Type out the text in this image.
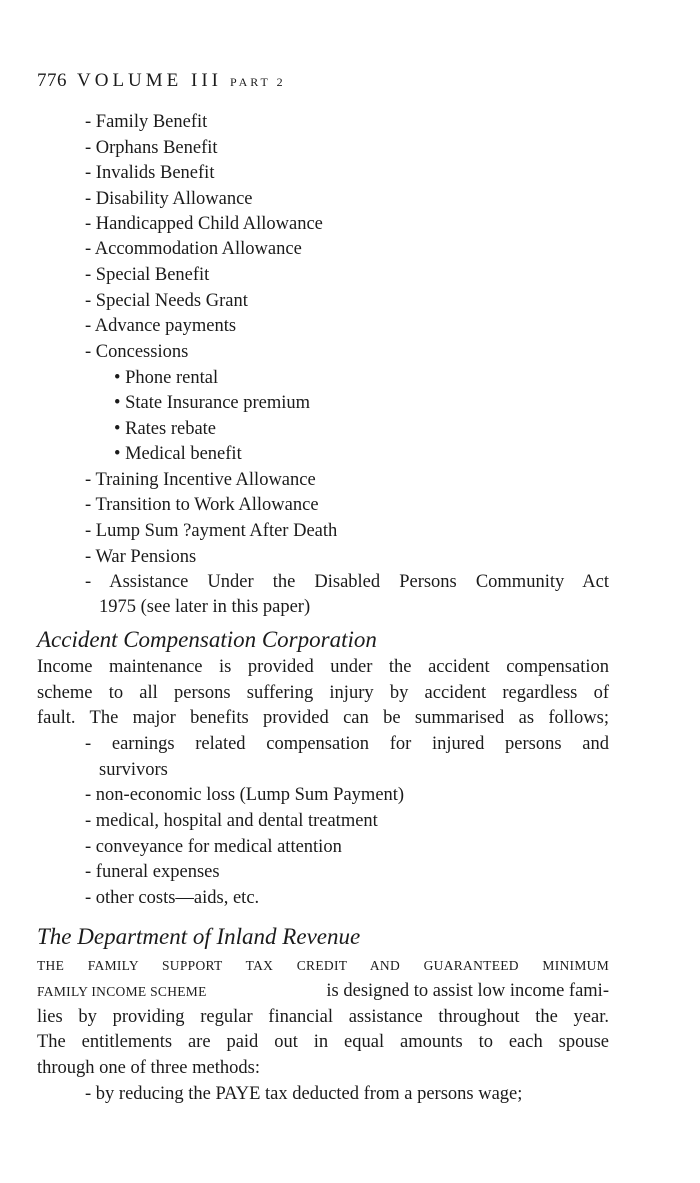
776 VOLUME III PART 2
- Family Benefit
- Orphans Benefit
- Invalids Benefit
- Disability Allowance
- Handicapped Child Allowance
- Accommodation Allowance
- Special Benefit
- Special Needs Grant
- Advance payments
- Concessions
• Phone rental
• State Insurance premium
• Rates rebate
• Medical benefit
- Training Incentive Allowance
- Transition to Work Allowance
- Lump Sum ?ayment After Death
- War Pensions
- Assistance Under the Disabled Persons Community Act
1975 (see later in this paper)
Accident Compensation Corporation
Income maintenance is provided under the accident compensation
scheme to all persons suffering injury by accident regardless of
fault. The major benefits provided can be summarised as follows;
- earnings related compensation for injured persons and
survivors
- non-economic loss (Lump Sum Payment)
- medical, hospital and dental treatment
- conveyance for medical attention
- funeral expenses
- other costs—aids, etc.
The Department of Inland Revenue
THE FAMILY SUPPORT TAX CREDIT AND GUARANTEED MINIMUM
FAMILY INCOME SCHEME	is designed to assist low income fami-
lies by providing regular financial assistance throughout the year.
The entitlements are paid out in equal amounts to each spouse
through one of three methods:
- by reducing the PAYE tax deducted from a persons wage;
